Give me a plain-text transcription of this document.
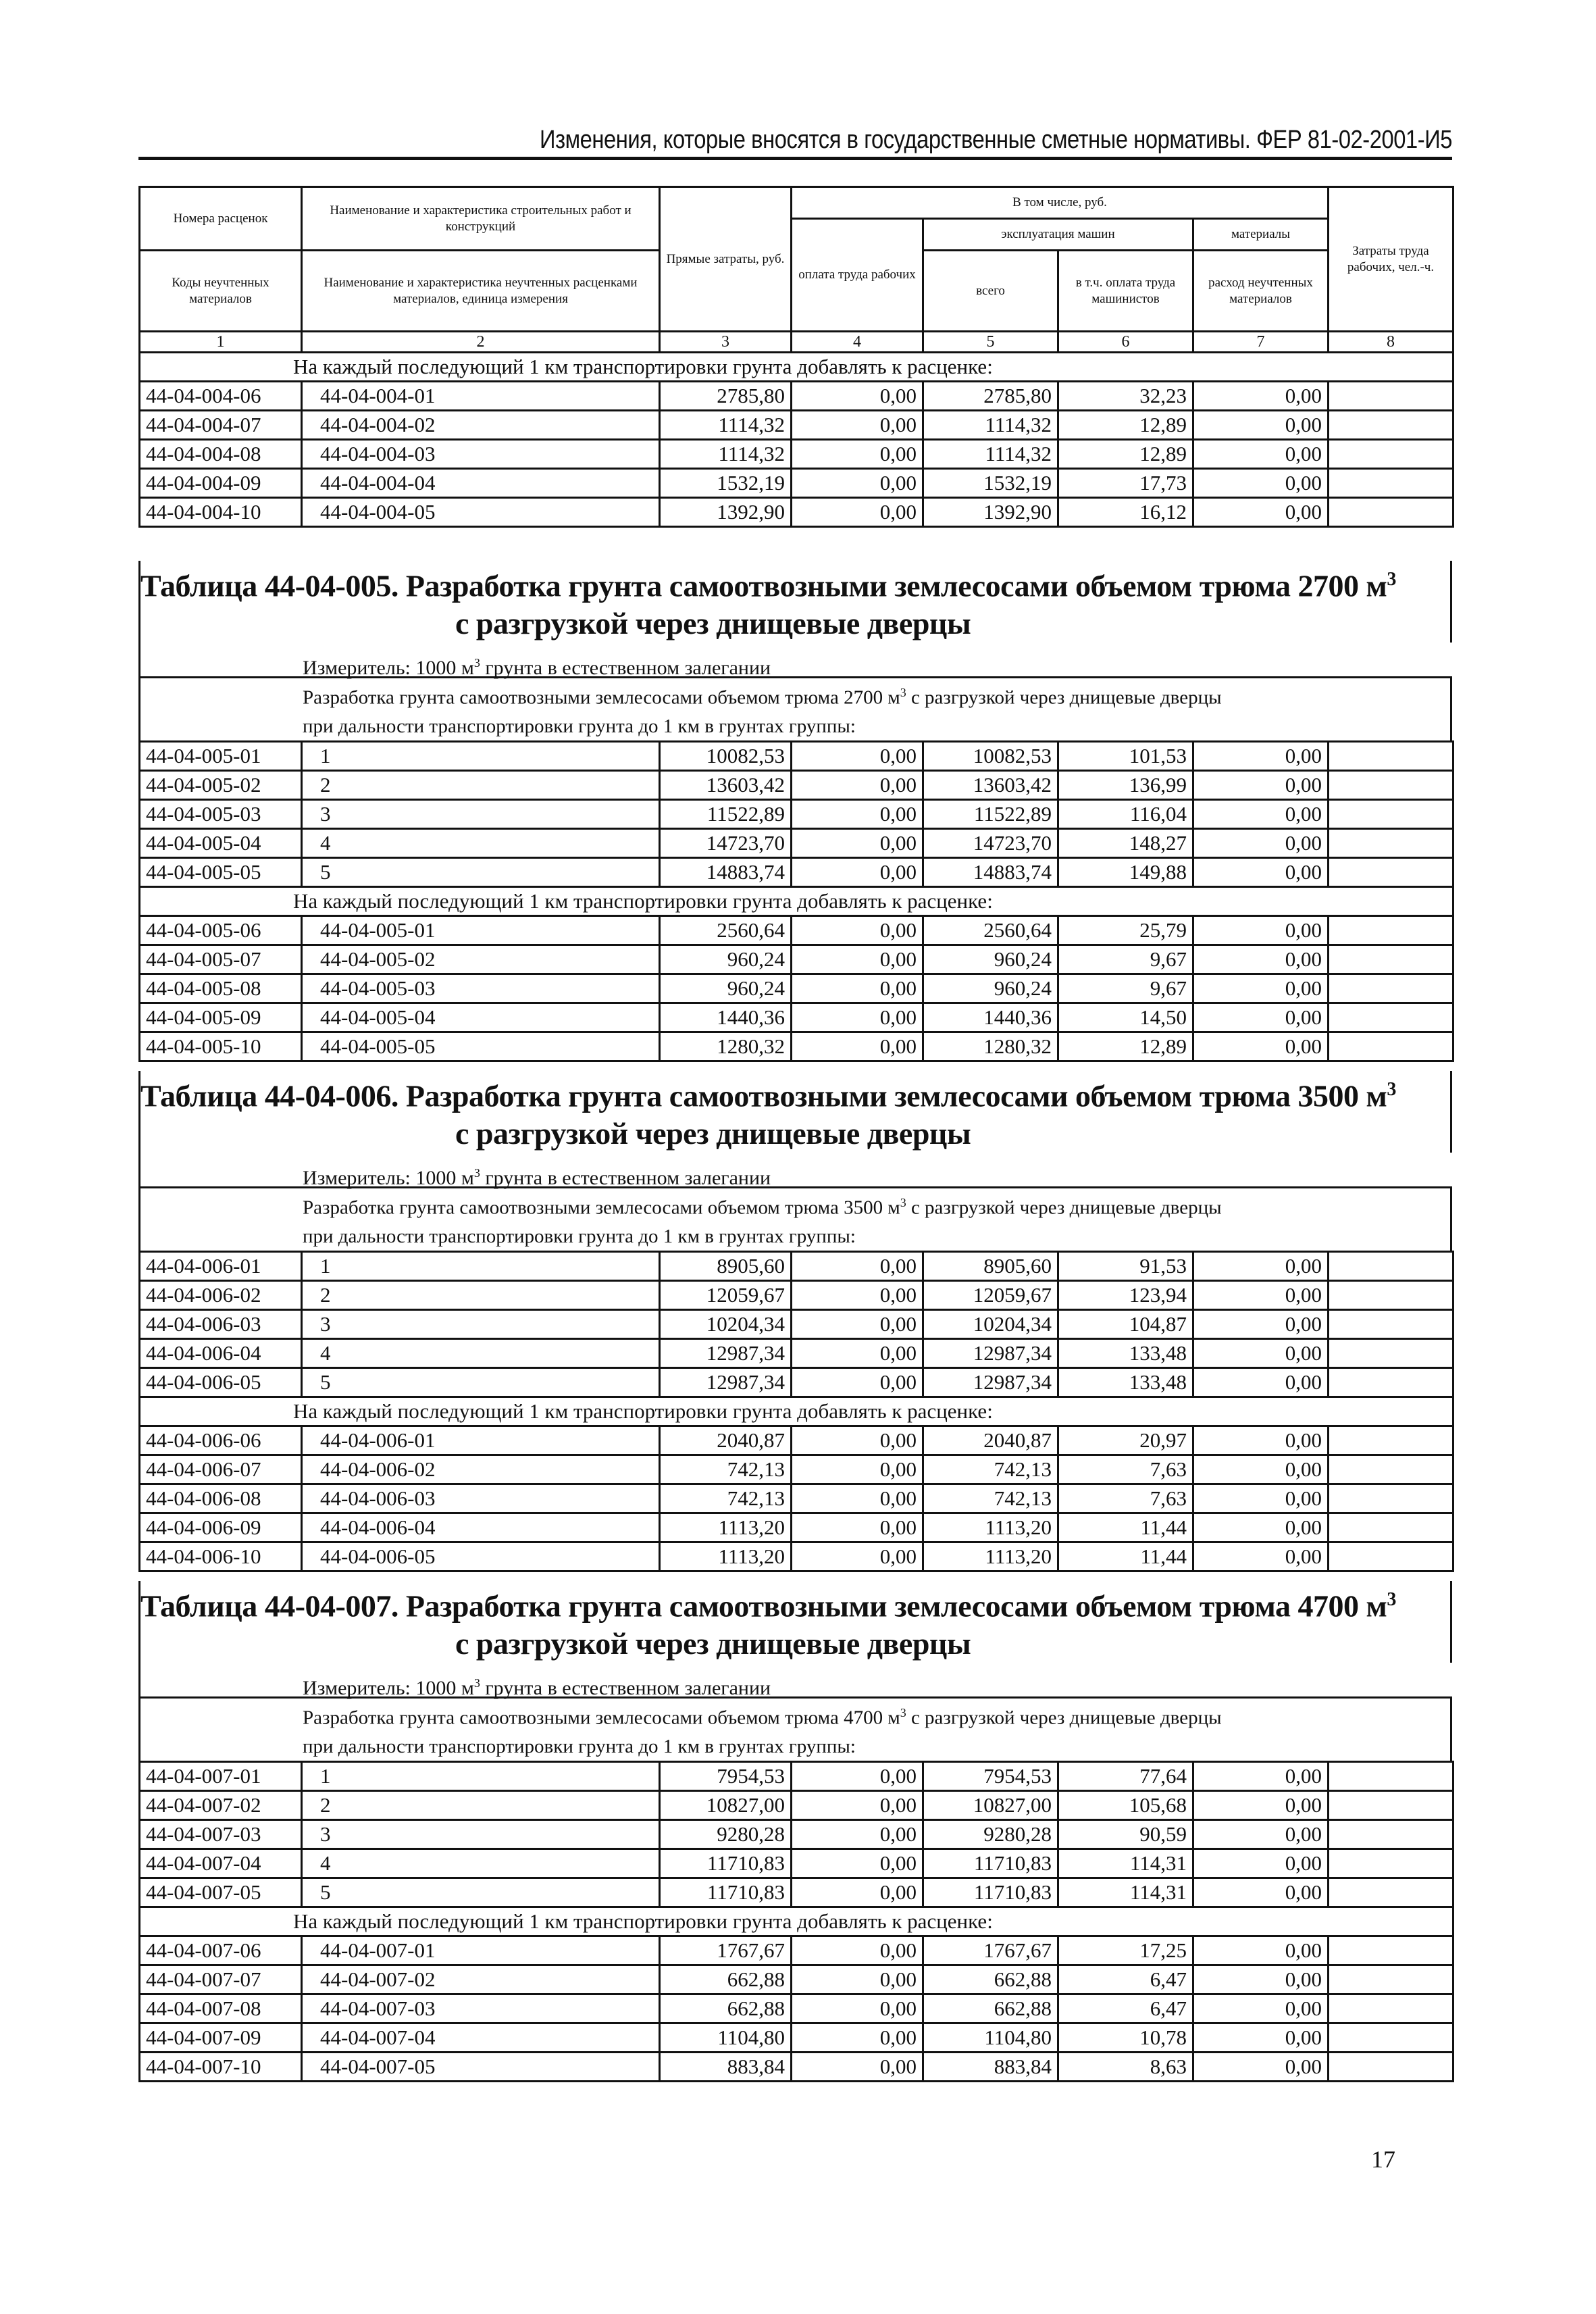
Изменения, которые вносятся в государственные сметные нормативы. ФЕР 81-02-2001-И5
Номера расценок	Наименование и характеристика строительных работ и конструкций	Прямые затраты, руб.	В том числе, руб.				Затраты труда рабочих, чел.-ч.
			оплата труда рабочих	эксплуатация машин		материалы	
Коды неучтенных материалов	Наименование и характеристика неучтенных расценками материалов, единица измерения			всего	в т.ч. оплата труда машинистов	расход неучтенных материалов	

1	2	3	4	5	6	7	8
На каждый последующий 1 км транспортировки грунта добавлять к расценке:							
44-04-004-06	44-04-004-01	2785,80	0,00	2785,80	32,23	0,00	
44-04-004-07	44-04-004-02	1114,32	0,00	1114,32	12,89	0,00	
44-04-004-08	44-04-004-03	1114,32	0,00	1114,32	12,89	0,00	
44-04-004-09	44-04-004-04	1532,19	0,00	1532,19	17,73	0,00	
44-04-004-10	44-04-004-05	1392,90	0,00	1392,90	16,12	0,00	
Таблица 44-04-005. Разработка грунта самоотвозными землесосами объемом трюма 2700 $м^3$
с разгрузкой через днищевые дверцы
Измеритель: 1000 $м^3$ грунта в естественном залегании
Разработка грунта самоотвозными землесосами объемом трюма 2700 $м^3$ с разгрузкой через днищевые дверцы
при дальности транспортировки грунта до 1 км в грунтах группы:
44-04-005-01	1	10082,53	0,00	10082,53	101,53	0,00	
44-04-005-02	2	13603,42	0,00	13603,42	136,99	0,00	
44-04-005-03	3	11522,89	0,00	11522,89	116,04	0,00	
44-04-005-04	4	14723,70	0,00	14723,70	148,27	0,00	
44-04-005-05	5	14883,74	0,00	14883,74	149,88	0,00	
На каждый последующий 1 км транспортировки грунта добавлять к расценке:							
44-04-005-06	44-04-005-01	2560,64	0,00	2560,64	25,79	0,00	
44-04-005-07	44-04-005-02	960,24	0,00	960,24	9,67	0,00	
44-04-005-08	44-04-005-03	960,24	0,00	960,24	9,67	0,00	
44-04-005-09	44-04-005-04	1440,36	0,00	1440,36	14,50	0,00	
44-04-005-10	44-04-005-05	1280,32	0,00	1280,32	12,89	0,00	
Таблица 44-04-006. Разработка грунта самоотвозными землесосами объемом трюма 3500 $м^3$
с разгрузкой через днищевые дверцы
Измеритель: 1000 $м^3$ грунта в естественном залегании
Разработка грунта самоотвозными землесосами объемом трюма 3500 $м^3$ с разгрузкой через днищевые дверцы
при дальности транспортировки грунта до 1 км в грунтах группы:
44-04-006-01	1	8905,60	0,00	8905,60	91,53	0,00	
44-04-006-02	2	12059,67	0,00	12059,67	123,94	0,00	
44-04-006-03	3	10204,34	0,00	10204,34	104,87	0,00	
44-04-006-04	4	12987,34	0,00	12987,34	133,48	0,00	
44-04-006-05	5	12987,34	0,00	12987,34	133,48	0,00	
На каждый последующий 1 км транспортировки грунта добавлять к расценке:							
44-04-006-06	44-04-006-01	2040,87	0,00	2040,87	20,97	0,00	
44-04-006-07	44-04-006-02	742,13	0,00	742,13	7,63	0,00	
44-04-006-08	44-04-006-03	742,13	0,00	742,13	7,63	0,00	
44-04-006-09	44-04-006-04	1113,20	0,00	1113,20	11,44	0,00	
44-04-006-10	44-04-006-05	1113,20	0,00	1113,20	11,44	0,00	
Таблица 44-04-007. Разработка грунта самоотвозными землесосами объемом трюма 4700 $м^3$
с разгрузкой через днищевые дверцы
Измеритель: 1000 $м^3$ грунта в естественном залегании
Разработка грунта самоотвозными землесосами объемом трюма 4700 $м^3$ с разгрузкой через днищевые дверцы
при дальности транспортировки грунта до 1 км в грунтах группы:
44-04-007-01	1	7954,53	0,00	7954,53	77,64	0,00	
44-04-007-02	2	10827,00	0,00	10827,00	105,68	0,00	
44-04-007-03	3	9280,28	0,00	9280,28	90,59	0,00	
44-04-007-04	4	11710,83	0,00	11710,83	114,31	0,00	
44-04-007-05	5	11710,83	0,00	11710,83	114,31	0,00	
На каждый последующий 1 км транспортировки грунта добавлять к расценке:							
44-04-007-06	44-04-007-01	1767,67	0,00	1767,67	17,25	0,00	
44-04-007-07	44-04-007-02	662,88	0,00	662,88	6,47	0,00	
44-04-007-08	44-04-007-03	662,88	0,00	662,88	6,47	0,00	
44-04-007-09	44-04-007-04	1104,80	0,00	1104,80	10,78	0,00	
44-04-007-10	44-04-007-05	883,84	0,00	883,84	8,63	0,00	
17
